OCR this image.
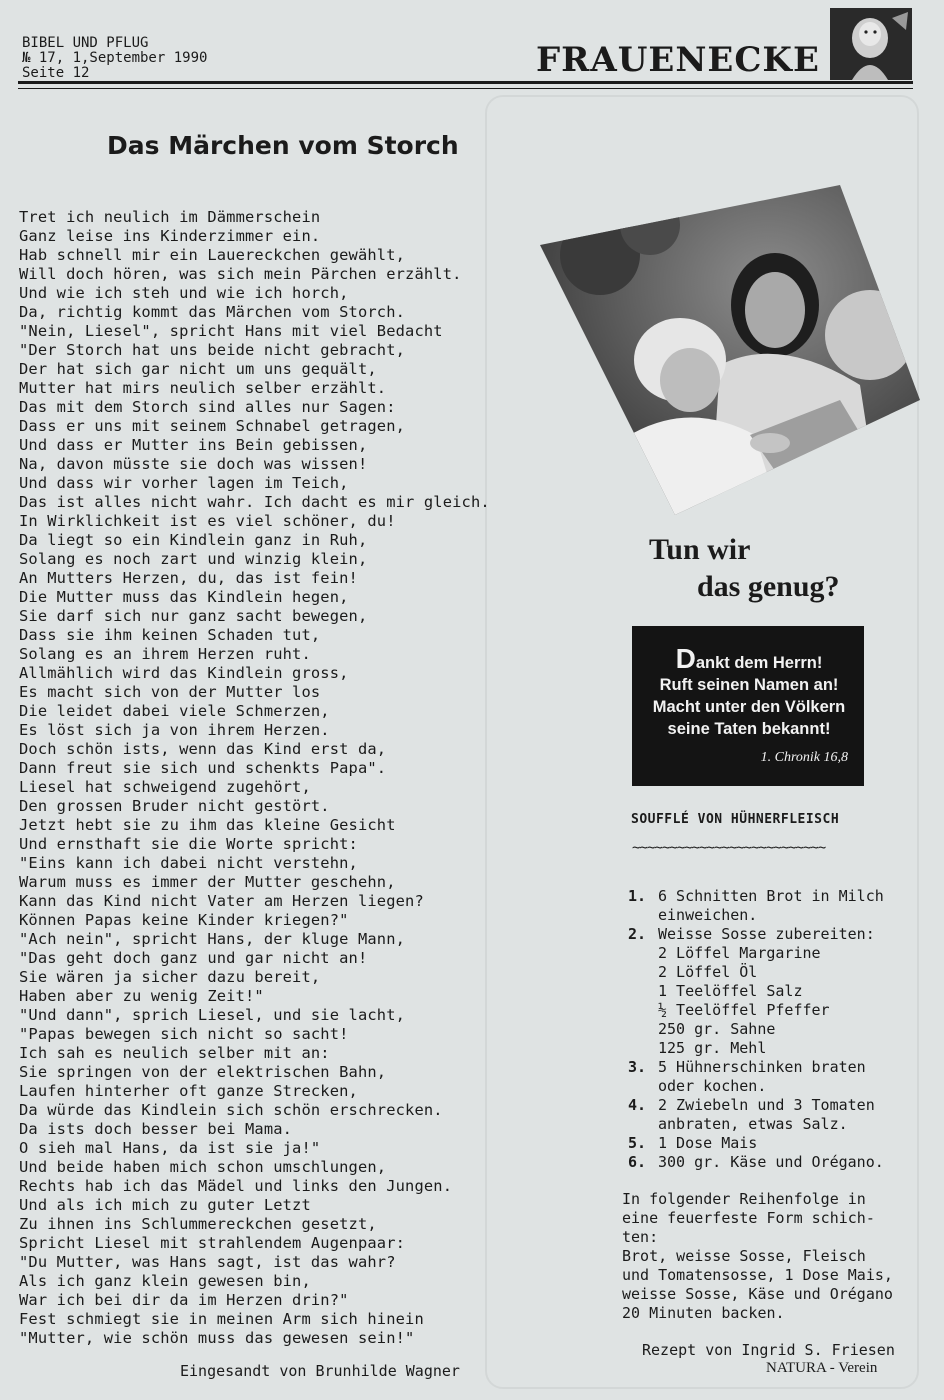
BIBEL UND PFLUG
№ 17, 1,September 1990
Seite 12	FRAUENECKE
Das Märchen vom Storch
Tret ich neulich im Dämmerschein
Ganz leise ins Kinderzimmer ein.
Hab schnell mir ein Lauereckchen gewählt,
Will doch hören, was sich mein Pärchen erzählt.
Und wie ich steh und wie ich horch,
Da, richtig kommt das Märchen vom Storch.
"Nein, Liesel", spricht Hans mit viel Bedacht
"Der Storch hat uns beide nicht gebracht,
Der hat sich gar nicht um uns gequält,
Mutter hat mirs neulich selber erzählt.
Das mit dem Storch sind alles nur Sagen:
Dass er uns mit seinem Schnabel getragen,
Und dass er Mutter ins Bein gebissen,
Na, davon müsste sie doch was wissen!
Und dass wir vorher lagen im Teich,
Das ist alles nicht wahr. Ich dacht es mir gleich.
In Wirklichkeit ist es viel schöner, du!
Da liegt so ein Kindlein ganz in Ruh,
Solang es noch zart und winzig klein,
An Mutters Herzen, du, das ist fein!
Die Mutter muss das Kindlein hegen,
Sie darf sich nur ganz sacht bewegen,
Dass sie ihm keinen Schaden tut,
Solang es an ihrem Herzen ruht.
Allmählich wird das Kindlein gross,
Es macht sich von der Mutter los
Die leidet dabei viele Schmerzen,
Es löst sich ja von ihrem Herzen.
Doch schön ists, wenn das Kind erst da,
Dann freut sie sich und schenkts Papa".
Liesel hat schweigend zugehört,
Den grossen Bruder nicht gestört.
Jetzt hebt sie zu ihm das kleine Gesicht
Und ernsthaft sie die Worte spricht:
"Eins kann ich dabei nicht verstehn,
Warum muss es immer der Mutter geschehn,
Kann das Kind nicht Vater am Herzen liegen?
Können Papas keine Kinder kriegen?"
"Ach nein", spricht Hans, der kluge Mann,
"Das geht doch ganz und gar nicht an!
Sie wären ja sicher dazu bereit,
Haben aber zu wenig Zeit!"
"Und dann", sprich Liesel, und sie lacht,
"Papas bewegen sich nicht so sacht!
Ich sah es neulich selber mit an:
Sie springen von der elektrischen Bahn,
Laufen hinterher oft ganze Strecken,
Da würde das Kindlein sich schön erschrecken.
Da ists doch besser bei Mama.
O sieh mal Hans, da ist sie ja!"
Und beide haben mich schon umschlungen,
Rechts hab ich das Mädel und links den Jungen.
Und als ich mich zu guter Letzt
Zu ihnen ins Schlummereckchen gesetzt,
Spricht Liesel mit strahlendem Augenpaar:
"Du Mutter, was Hans sagt, ist das wahr?
Als ich ganz klein gewesen bin,
War ich bei dir da im Herzen drin?"
Fest schmiegt sie in meinen Arm sich hinein
"Mutter, wie schön muss das gewesen sein!"
Eingesandt von Brunhilde Wagner
Tun wir
das genug?
Dankt dem Herrn!
Ruft seinen Namen an!
Macht unter den Völkern
seine Taten bekannt!
1. Chronik 16,8
SOUFFLÉ VON HÜHNERFLEISCH
~~~~~~~~~~~~~~~~~~~~~~~~~~
1. 6 Schnitten Brot in Milch
einweichen.
2. Weisse Sosse zubereiten:
2 Löffel Margarine
2 Löffel Öl
1 Teelöffel Salz
½ Teelöffel Pfeffer
250 gr. Sahne
125 gr. Mehl
3. 5 Hühnerschinken braten
oder kochen.
4. 2 Zwiebeln und 3 Tomaten
anbraten, etwas Salz.
5. 1 Dose Mais
6. 300 gr. Käse und Orégano.
In folgender Reihenfolge in
eine feuerfeste Form schich-
ten:
Brot, weisse Sosse, Fleisch
und Tomatensosse, 1 Dose Mais,
weisse Sosse, Käse und Orégano
20 Minuten backen.
Rezept von Ingrid S. Friesen
NATURA - Verein
